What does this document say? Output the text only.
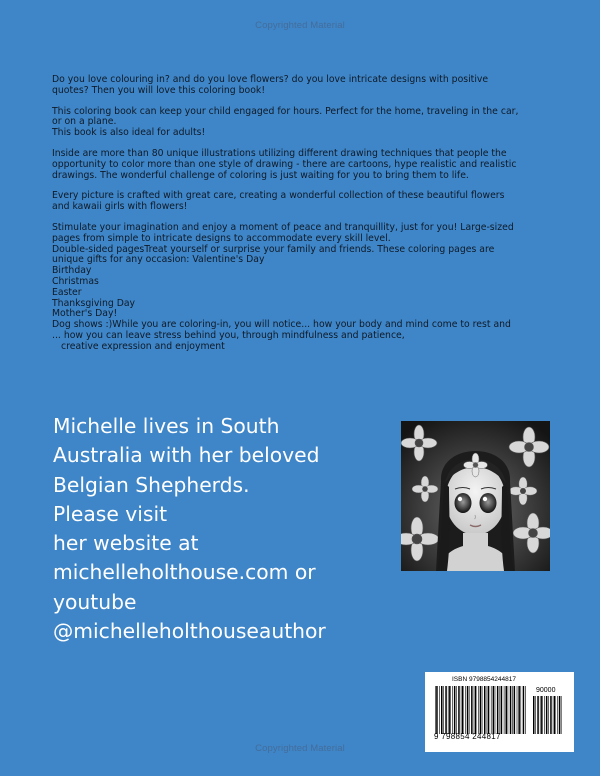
Copyrighted Material
Do you love colouring in? and do you love flowers? do you love intricate designs with positive
quotes? Then you will love this coloring book!
This coloring book can keep your child engaged for hours. Perfect for the home, traveling in the car,
or on a plane.
This book is also ideal for adults!
Inside are more than 80 unique illustrations utilizing different drawing techniques that people the
opportunity to color more than one style of drawing - there are cartoons, hype realistic and realistic
drawings. The wonderful challenge of coloring is just waiting for you to bring them to life.
Every picture is crafted with great care, creating a wonderful collection of these beautiful flowers
and kawaii girls with flowers!
Stimulate your imagination and enjoy a moment of peace and tranquillity, just for you! Large-sized
pages from simple to intricate designs to accommodate every skill level.
Double-sided pagesTreat yourself or surprise your family and friends. These coloring pages are
unique gifts for any occasion: Valentine's Day
Birthday
Christmas
Easter
Thanksgiving Day
Mother's Day!
Dog shows :)While you are coloring-in, you will notice... how your body and mind come to rest and
... how you can leave stress behind you, through mindfulness and patience,
creative expression and enjoyment
Michelle lives in South
Australia with her beloved
Belgian Shepherds.
Please visit
her website at
michelleholthouse.com or
youtube
@michelleholthouseauthor
ISBN 9798854244817
90000
9 798854 244817
Copyrighted Material
